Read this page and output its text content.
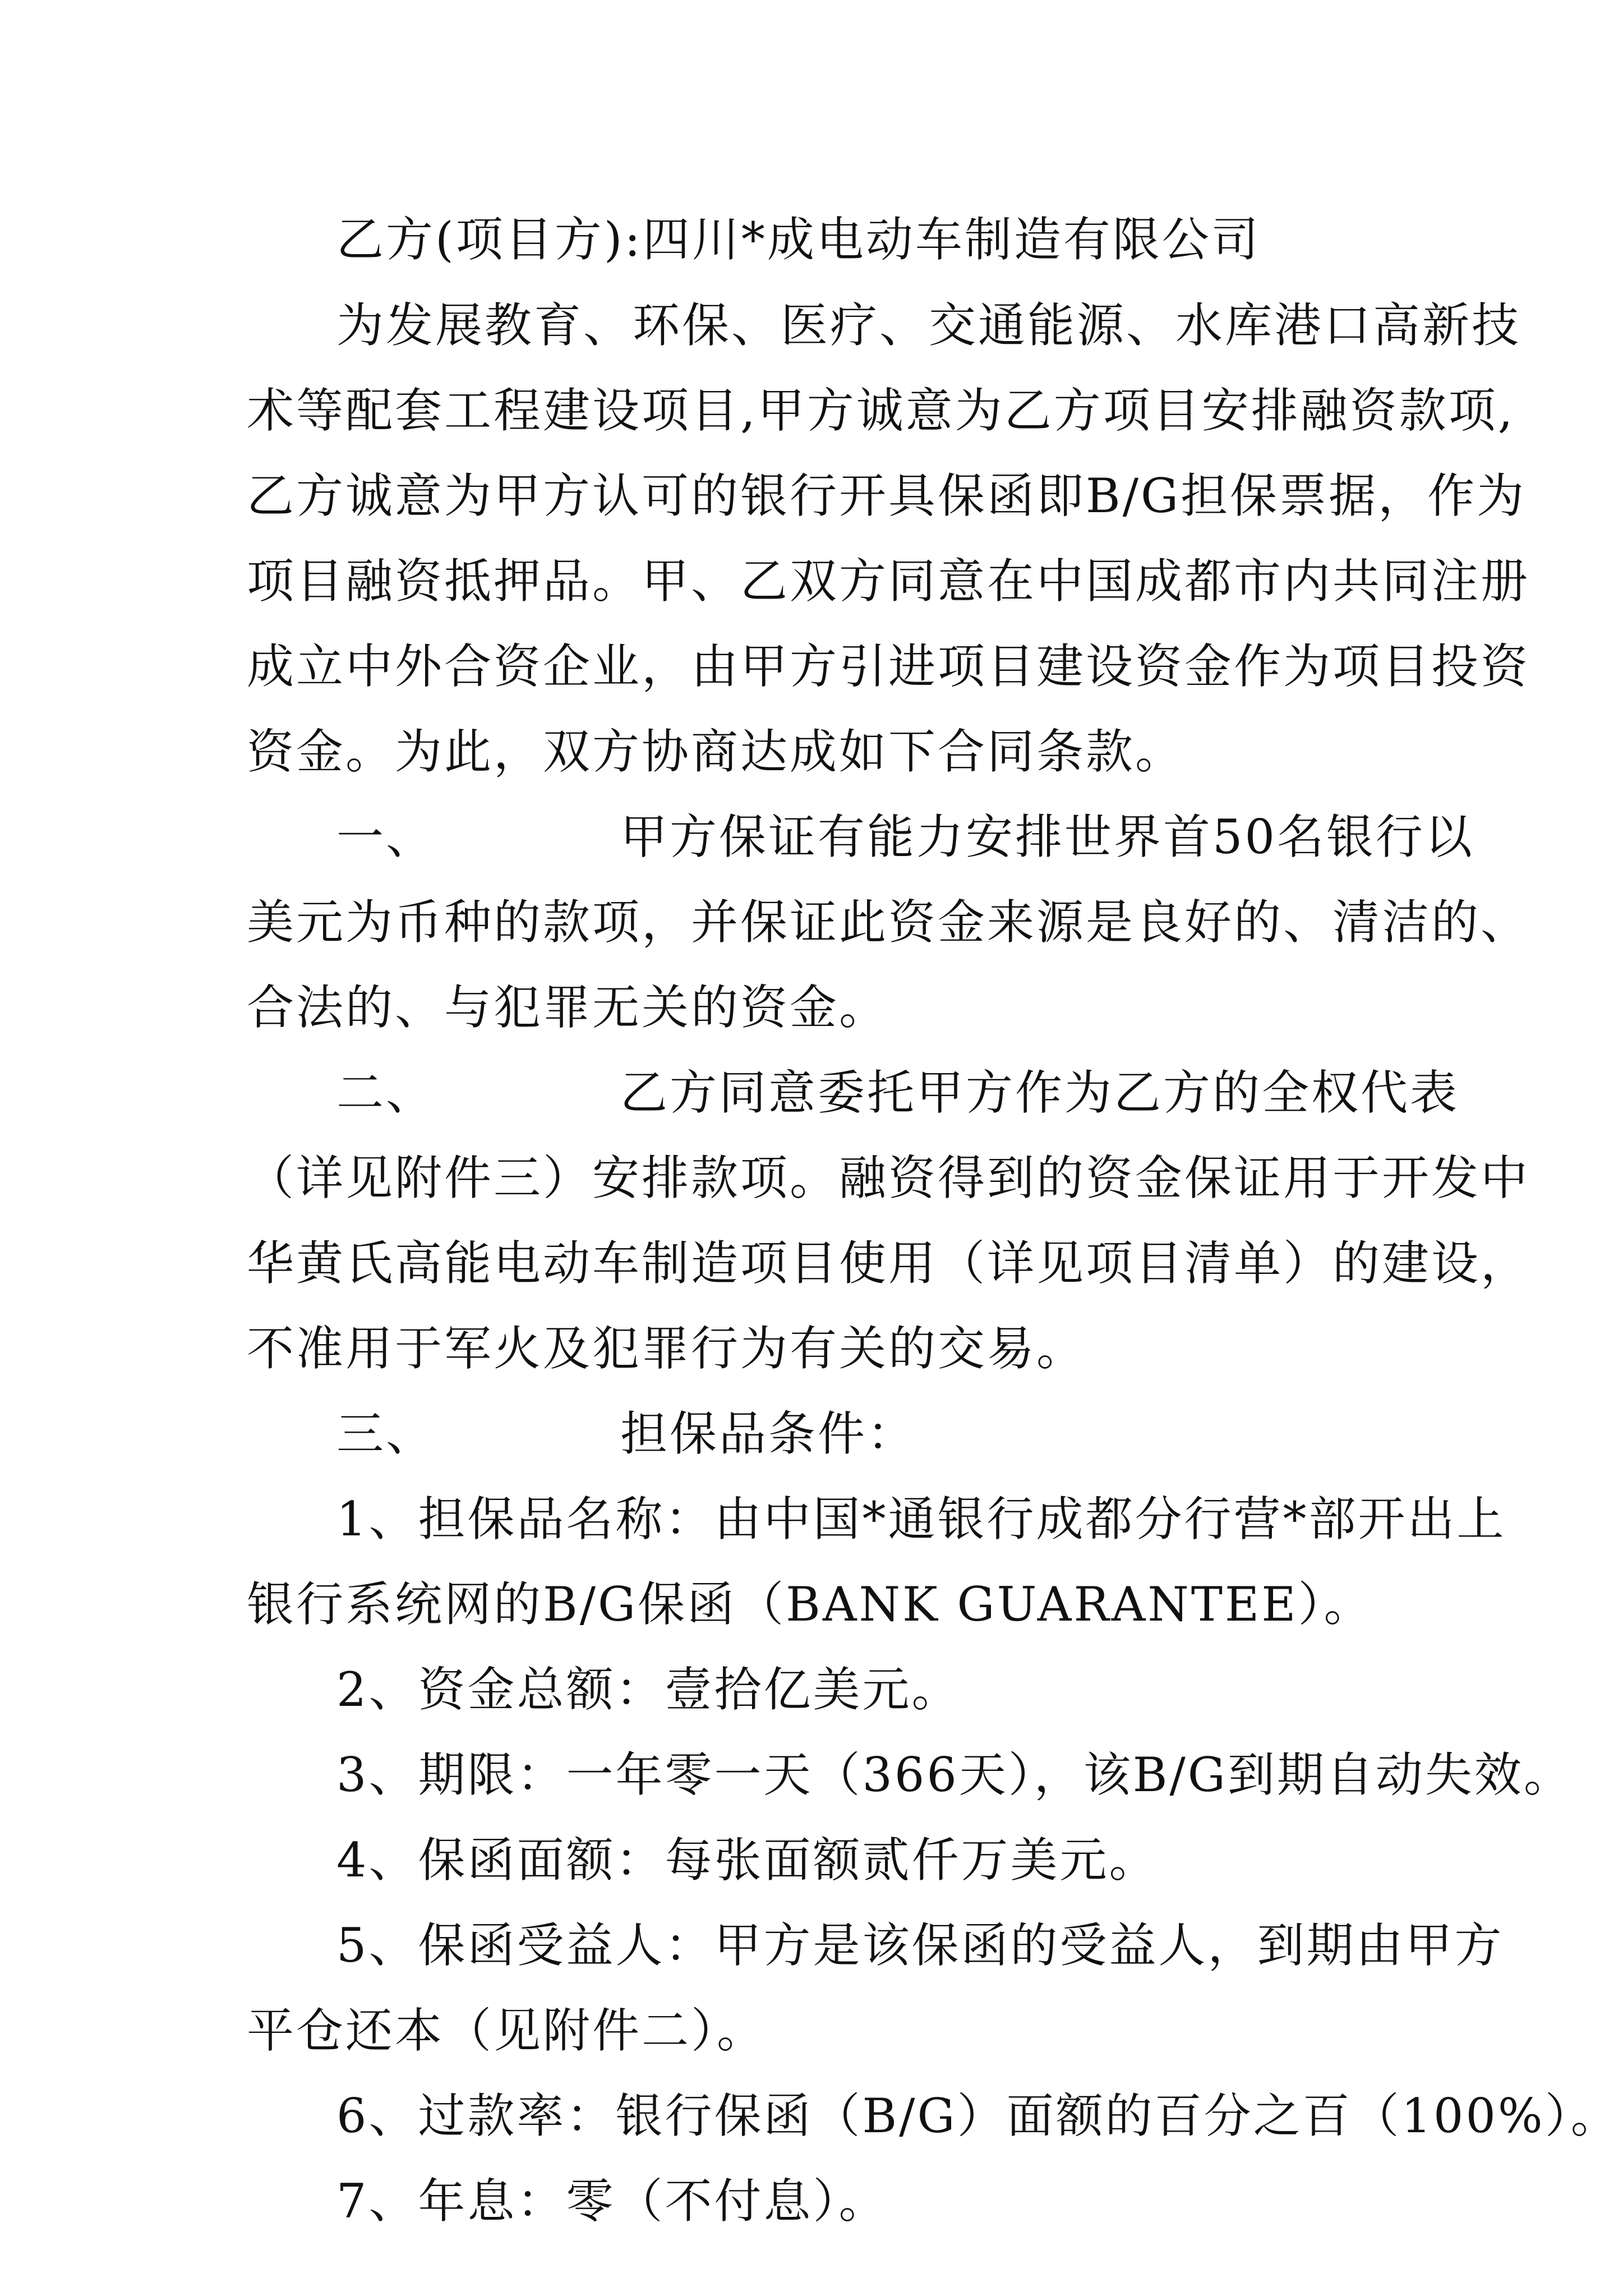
乙方(项目方):四川*成电动车制造有限公司
为发展教育、环保、医疗、交通能源、水库港口高新技
术等配套工程建设项目,甲方诚意为乙方项目安排融资款项,
乙方诚意为甲方认可的银行开具保函即B/G担保票据，作为
项目融资抵押品。甲、乙双方同意在中国成都市内共同注册
成立中外合资企业，由甲方引进项目建设资金作为项目投资
资金。为此，双方协商达成如下合同条款。
一、	甲方保证有能力安排世界首50名银行以
美元为币种的款项，并保证此资金来源是良好的、清洁的、
合法的、与犯罪无关的资金。
二、	乙方同意委托甲方作为乙方的全权代表
（详见附件三）安排款项。融资得到的资金保证用于开发中
华黄氏高能电动车制造项目使用（详见项目清单）的建设，
不准用于军火及犯罪行为有关的交易。
三、	担保品条件：
1、担保品名称：由中国*通银行成都分行营*部开出上
银行系统网的B/G保函（BANK GUARANTEE）。
2、资金总额：壹拾亿美元。
3、期限：一年零一天（366天），该B/G到期自动失效。
4、保函面额：每张面额贰仟万美元。
5、保函受益人：甲方是该保函的受益人，到期由甲方
平仓还本（见附件二）。
6、过款率：银行保函（B/G）面额的百分之百（100%）。
7、年息：零（不付息）。
